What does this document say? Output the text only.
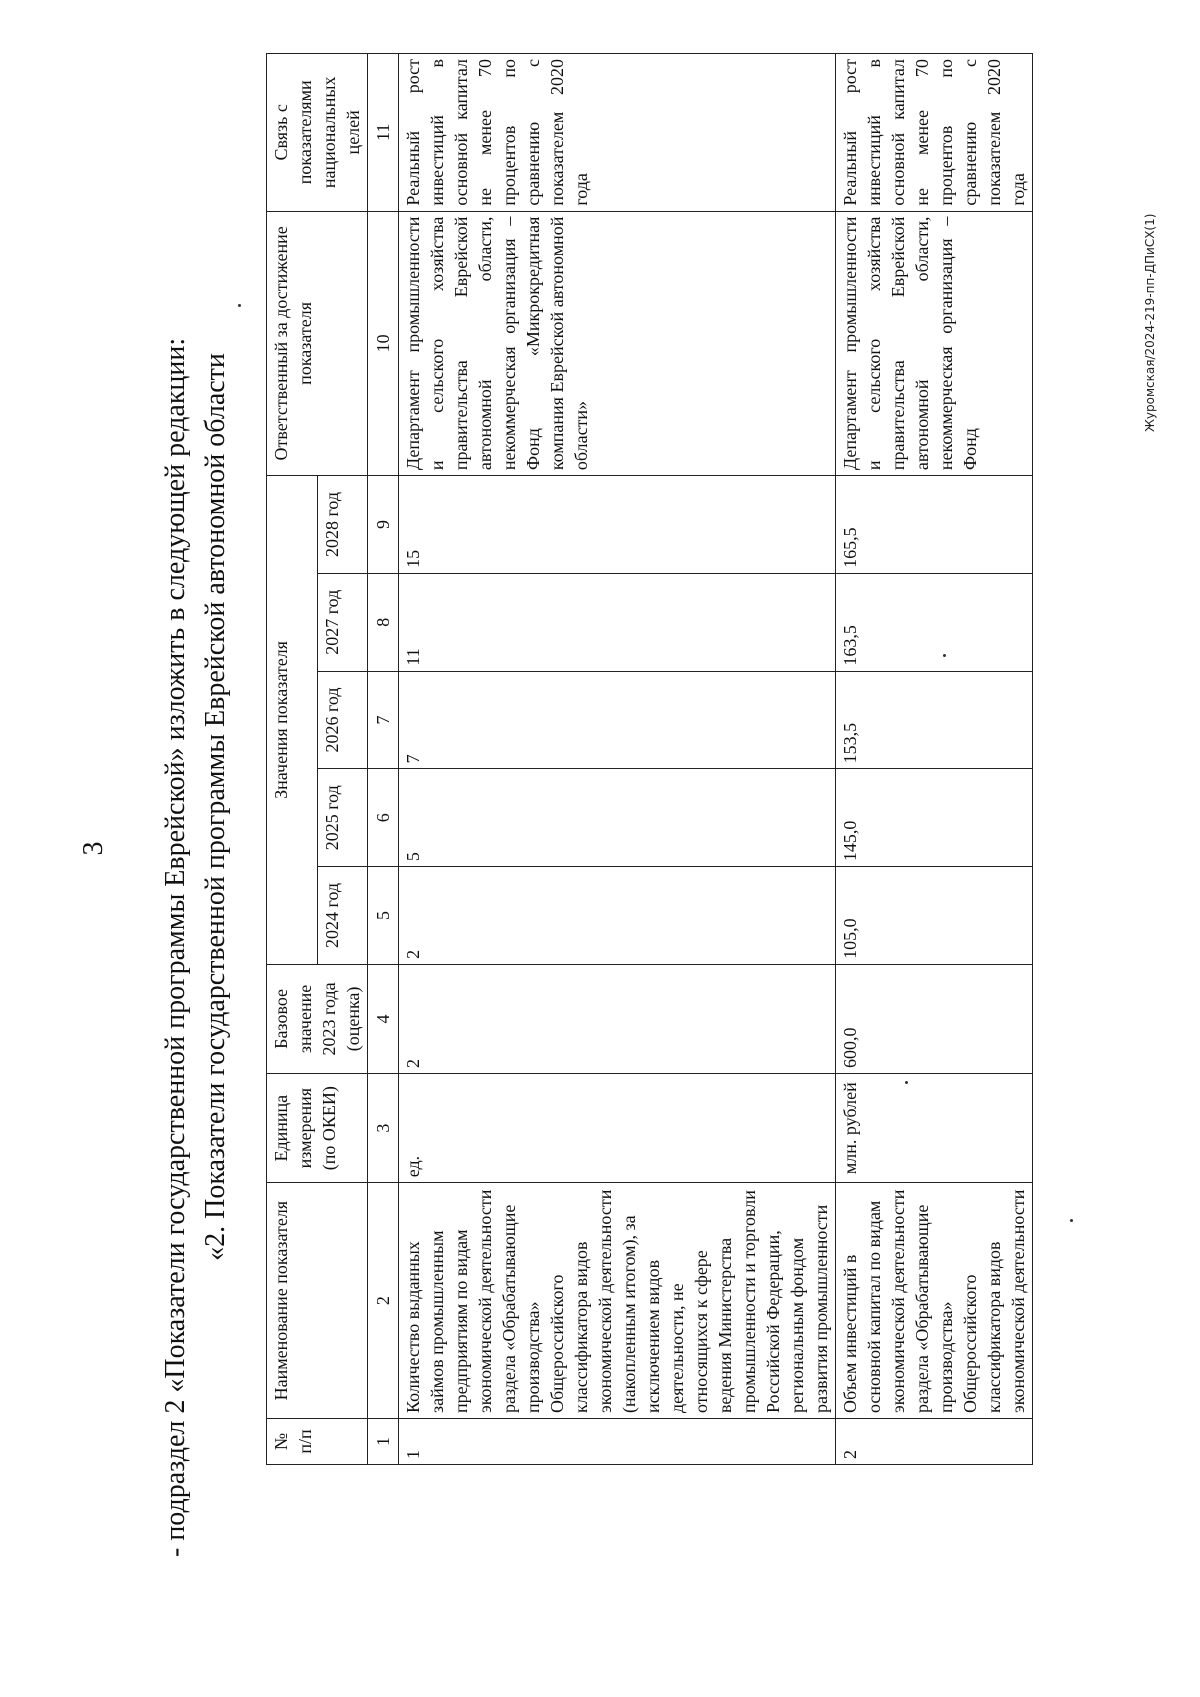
3 - подраздел 2 «Показатели государственной программы Еврейской» изложить в следующей редакции: «2. Показатели государственной программы Еврейской автономной области
№ п/п	Наименование показателя	Единица измерения (по ОКЕИ)	Базовое значение 2023 года (оценка)	Значения показателя					Ответственный за достижение показателя	Связь с показателями национальных целей
				2024 год	2025 год	2026 год	2027 год	2028 год		
1	2	3	4	5	6	7	8	9	10	11
1	Количество выданных займов промышленным предприятиям по видам экономической деятельности раздела «Обрабатывающие производства» Общероссийского классификатора видов экономической деятельности (накопленным итогом), за исключением видов деятельности, не относящихся к сфере ведения Министерства промышленности и торговли Российской Федерации, региональным фондом развития промышленности	ед.	2	2	5	7	11	15	Департамент промышленности и сельского хозяйства правительства Еврейской автономной области, некоммерческая организация – Фонд «Микрокредитная компания Еврейской автономной области»	Реальный рост инвестиций в основной капитал не менее 70 процентов по сравнению с показателем 2020 года
2	Объем инвестиций в основной капитал по видам экономической деятельности раздела «Обрабатывающие производства» Общероссийского классификатора видов экономической деятельности	млн. рублей	600,0	105,0	145,0	153,5	163,5	165,5	Департамент промышленности и сельского хозяйства правительства Еврейской автономной области, некоммерческая организация – Фонд	Реальный рост инвестиций в основной капитал не менее 70 процентов по сравнению с показателем 2020 года
Журомская/2024-219-пп-ДПиСХ(1)
